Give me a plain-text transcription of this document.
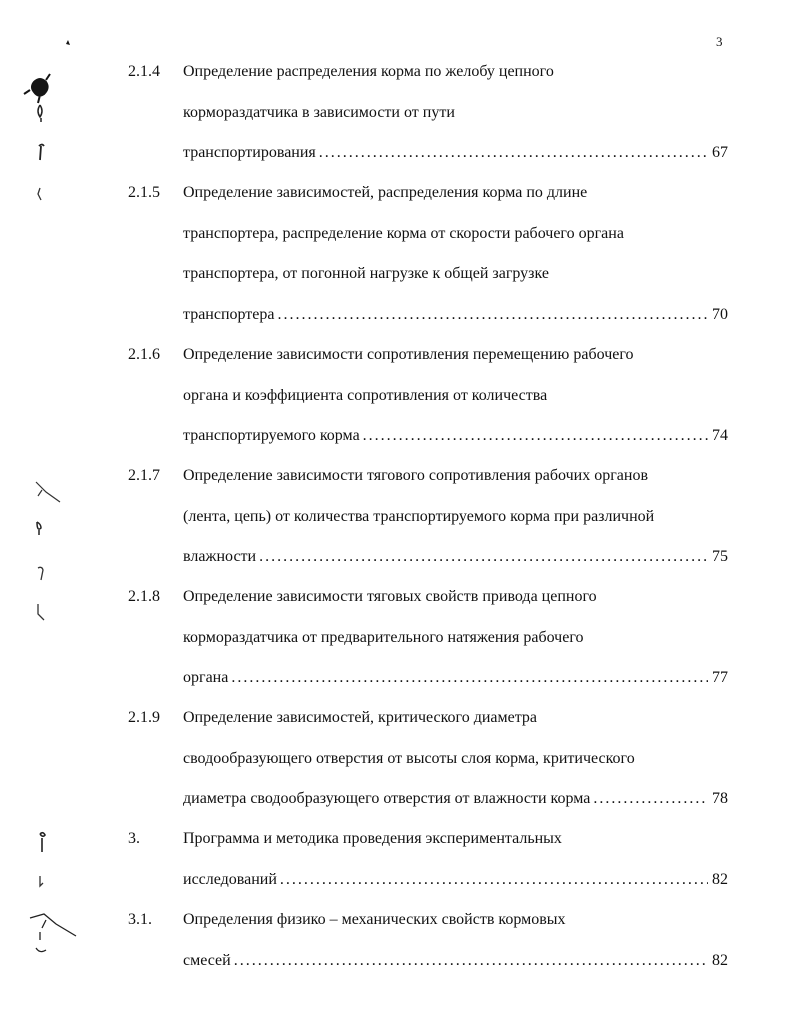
3
2.1.4 Определение распределения корма по желобу цепного
кормораздатчика в зависимости от пути
транспортирования . . .	67
2.1.5 Определение зависимостей, распределения корма по длине
транспортера, распределение корма от скорости рабочего органа
транспортера, от погонной нагрузке к общей загрузке
транспортера . . .	70
2.1.6 Определение зависимости сопротивления перемещению рабочего
органа и коэффициента сопротивления от количества
транспортируемого корма . . .	74
2.1.7 Определение зависимости тягового сопротивления рабочих органов
(лента, цепь) от количества транспортируемого корма при различной
влажности . . .	75
2.1.8 Определение зависимости тяговых свойств привода цепного
кормораздатчика от предварительного натяжения рабочего
органа . . .	77
2.1.9 Определение зависимостей, критического диаметра
сводообразующего отверстия от высоты слоя корма, критического
диаметра сводообразующего отверстия от влажности корма . . .	78
3.	Программа и методика проведения экспериментальных
исследований . . .	82
3.1. Определения физико – механических свойств кормовых
смесей . . .	82
